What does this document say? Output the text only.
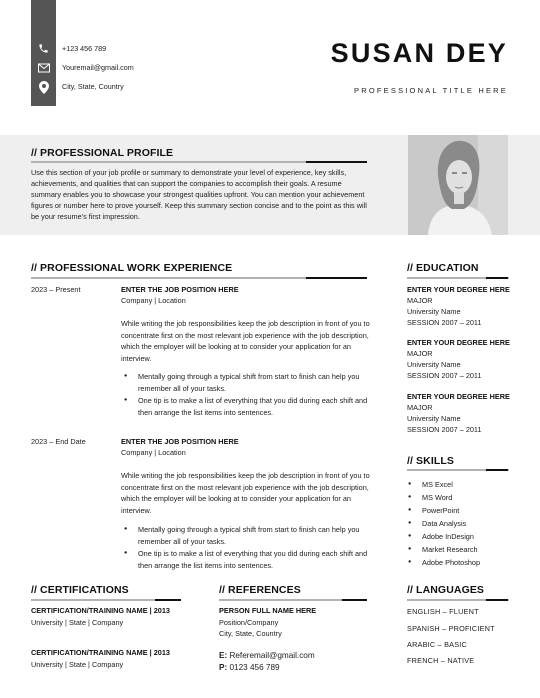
+123 456 789
Youremail@gmail.com
City, State, Country
SUSAN DEY
PROFESSIONAL TITLE HERE
// PROFESSIONAL PROFILE
Use this section of your job profile or summary to demonstrate your level of experience, key skills, achievements, and qualities that can support the companies to accomplish their goals. A resume summary enables you to showcase your strongest qualities upfront. You can mention your achievement figures or number here to prove yourself. Keep this summary section concise and to the point as this will be your resume's first impression.
// PROFESSIONAL WORK EXPERIENCE
2023 – Present	ENTER THE JOB POSITION HERE
Company | Location
While writing the job responsibilities keep the job description in front of you to concentrate first on the most relevant job experience with the job description, which the employer will be looking at to consider your application for an interview.
● Mentally going through a typical shift from start to finish can help you remember all of your tasks.
● One tip is to make a list of everything that you did during each shift and then arrange the list items into sentences.
2023 – End Date	ENTER THE JOB POSITION HERE
Company | Location
While writing the job responsibilities keep the job description in front of you to concentrate first on the most relevant job experience with the job description, which the employer will be looking at to consider your application for an interview.
● Mentally going through a typical shift from start to finish can help you remember all of your tasks.
● One tip is to make a list of everything that you did during each shift and then arrange the list items into sentences.
// EDUCATION
ENTER YOUR DEGREE HERE
MAJOR
University Name
SESSION 2007 – 2011
ENTER YOUR DEGREE HERE
MAJOR
University Name
SESSION 2007 – 2011
ENTER YOUR DEGREE HERE
MAJOR
University Name
SESSION 2007 – 2011
// SKILLS
● MS Excel
● MS Word
● PowerPoint
● Data Analysis
● Adobe InDesign
● Market Research
● Adobe Photoshop
// LANGUAGES
ENGLISH – FLUENT
SPANISH – PROFICIENT
ARABIC – BASIC
FRENCH – NATIVE
// CERTIFICATIONS
CERTIFICATION/TRAINING NAME | 2013
University | State | Company
CERTIFICATION/TRAINING NAME | 2013
University | State | Company
// REFERENCES
PERSON FULL NAME HERE
Position/Company
City, State, Country
E: Referemail@gmail.com
P: 0123 456 789
